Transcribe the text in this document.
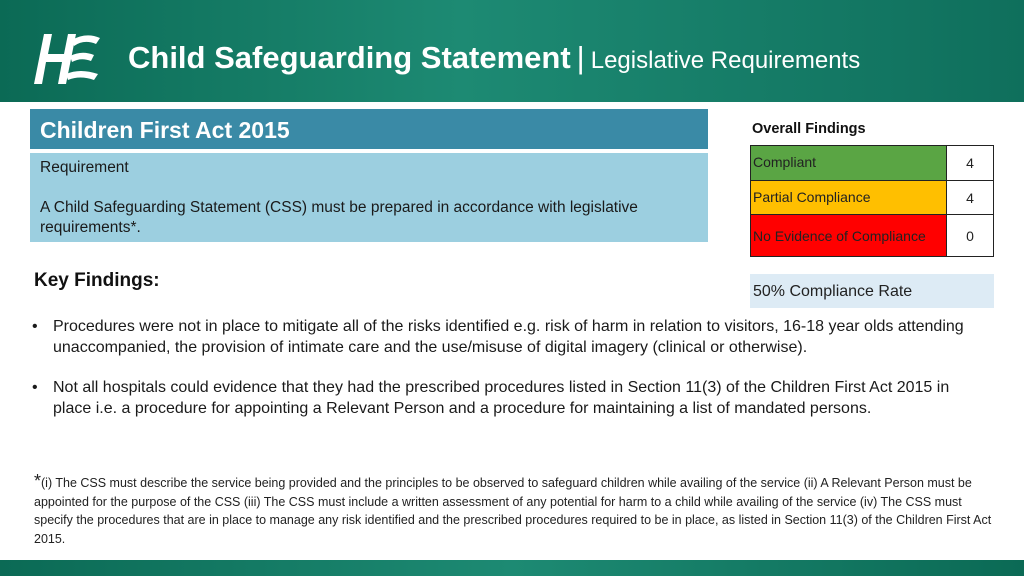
Child Safeguarding Statement | Legislative Requirements
Children First Act 2015
Requirement
A Child Safeguarding Statement (CSS) must be prepared in accordance with legislative requirements*.
Overall Findings
Compliant	4
Partial Compliance	4
No Evidence of Compliance	0
50% Compliance Rate
Key Findings:
• Procedures were not in place to mitigate all of the risks identified e.g. risk of harm in relation to visitors, 16-18 year olds attending unaccompanied, the provision of intimate care and the use/misuse of digital imagery (clinical or otherwise).
• Not all hospitals could evidence that they had the prescribed procedures listed in Section 11(3) of the Children First Act 2015 in place i.e. a procedure for appointing a Relevant Person and a procedure for maintaining a list of mandated persons.
*(i) The CSS must describe the service being provided and the principles to be observed to safeguard children while availing of the service (ii) A Relevant Person must be appointed for the purpose of the CSS (iii) The CSS must include a written assessment of any potential for harm to a child while availing of the service (iv) The CSS must specify the procedures that are in place to manage any risk identified and the prescribed procedures required to be in place, as listed in Section 11(3) of the Children First Act 2015.
